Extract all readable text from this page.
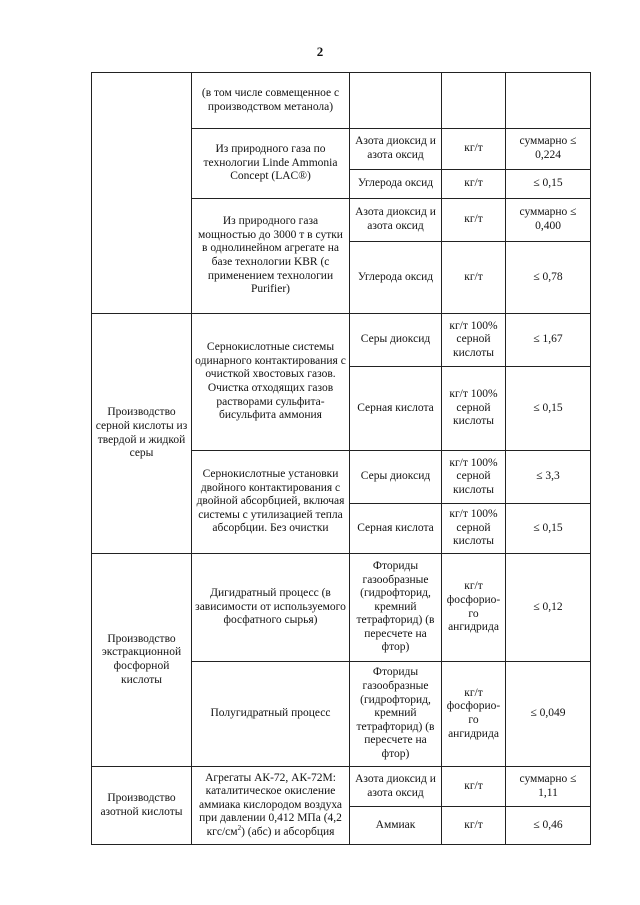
2
	(в том числе совмещенное с производством метанола)			
	Из природного газа по технологии Linde Ammonia Concept (LAC®)	Азота диоксид и азота оксид	кг/т	суммарно ≤ 0,224
		Углерода оксид	кг/т	≤ 0,15
	Из природного газа мощностью до 3000 т в сутки в однолинейном агрегате на базе технологии KBR (с применением технологии Purifier)	Азота диоксид и азота оксид	кг/т	суммарно ≤ 0,400
		Углерода оксид	кг/т	≤ 0,78
Производство серной кислоты из твердой и жидкой серы	Сернокислотные системы одинарного контактирования с очисткой хвостовых газов. Очистка отходящих газов растворами сульфита-бисульфита аммония	Серы диоксид	кг/т 100% серной кислоты	≤ 1,67
		Серная кислота	кг/т 100% серной кислоты	≤ 0,15
	Сернокислотные установки двойного контактирования с двойной абсорбцией, включая системы с утилизацией тепла абсорбции. Без очистки	Серы диоксид	кг/т 100% серной кислоты	≤ 3,3
		Серная кислота	кг/т 100% серной кислоты	≤ 0,15
Производство экстракционной фосфорной кислоты	Дигидратный процесс (в зависимости от используемого фосфатного сырья)	Фториды газообразные (гидрофторид, кремний тетрафторид) (в пересчете на фтор)	кг/т фосфорио-го ангидрида	≤ 0,12
	Полугидратный процесс	Фториды газообразные (гидрофторид, кремний тетрафторид) (в пересчете на фтор)	кг/т фосфорио-го ангидрида	≤ 0,049
Производство азотной кислоты	Агрегаты АК-72, АК-72М: каталитическое окисление аммиака кислородом воздуха при давлении 0,412 МПа (4,2 кгс/$см^2$) (абс) и абсорбция	Азота диоксид и азота оксид	кг/т	суммарно ≤ 1,11
		Аммиак	кг/т	≤ 0,46
